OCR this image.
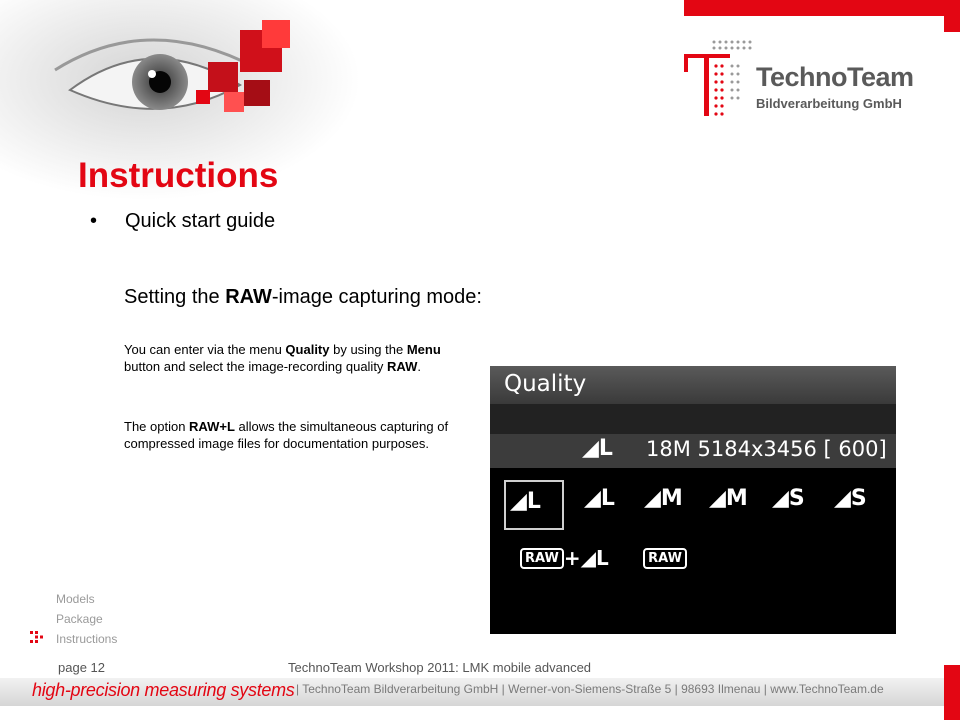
TechnoTeam
Bildverarbeitung GmbH
Instructions
• Quick start guide
Setting the RAW-image capturing mode:
You can enter via the menu Quality by using the Menu button and select the image-recording quality RAW.
The option RAW+L allows the simultaneous capturing of compressed image files for documentation purposes.
Quality
◢L 18M 5184x3456 [ 600]
◢L	◢L ◢M ◢M ◢S ◢S
RAW +◢L	RAW
Models
Package
Instructions
page 12	TechnoTeam Workshop 2011: LMK mobile advanced
high-precision measuring systems | TechnoTeam Bildverarbeitung GmbH | Werner-von-Siemens-Straße 5 | 98693 Ilmenau | www.TechnoTeam.de
